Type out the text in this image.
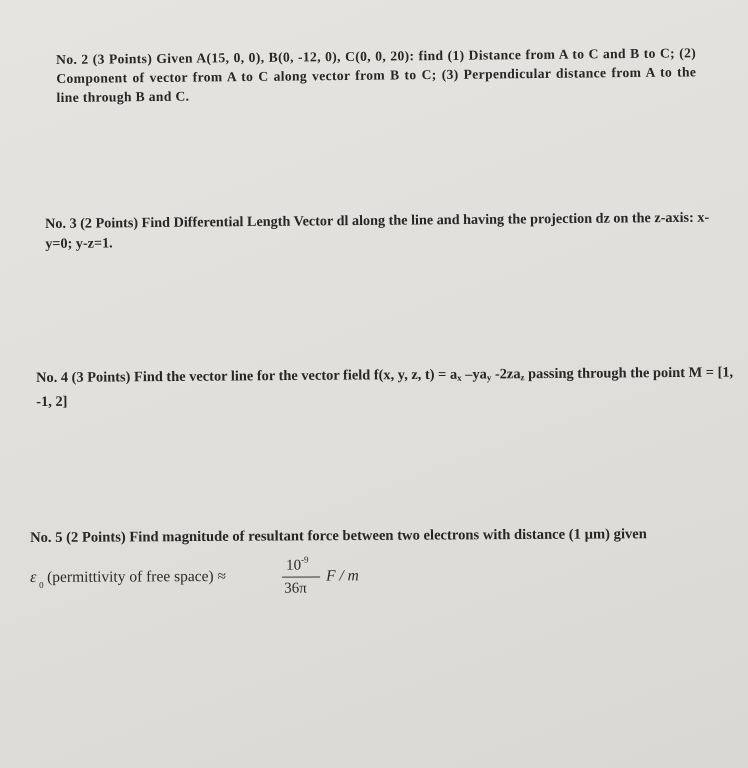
No. 2 (3 Points) Given A(15, 0, 0), B(0, -12, 0), C(0, 0, 20): find (1) Distance from A to C and B to C; (2) Component of vector from A to C along vector from B to C; (3) Perpendicular distance from A to the line through B and C.

No. 3 (2 Points) Find Differential Length Vector dl along the line and having the projection dz on the z-axis: x-y=0; y-z=1.

No. 4 (3 Points) Find the vector line for the vector field f(x, y, z, $t) = a_x$ $-ya_y$ $-2za_z$ passing through the point M = [1, -1, 2]

No. 5 (2 Points) Find magnitude of resultant force between two electrons with distance (1 µm) given

ε 0 (permittivity of free space) ≈
$10^{-9}$
36π
F / m
